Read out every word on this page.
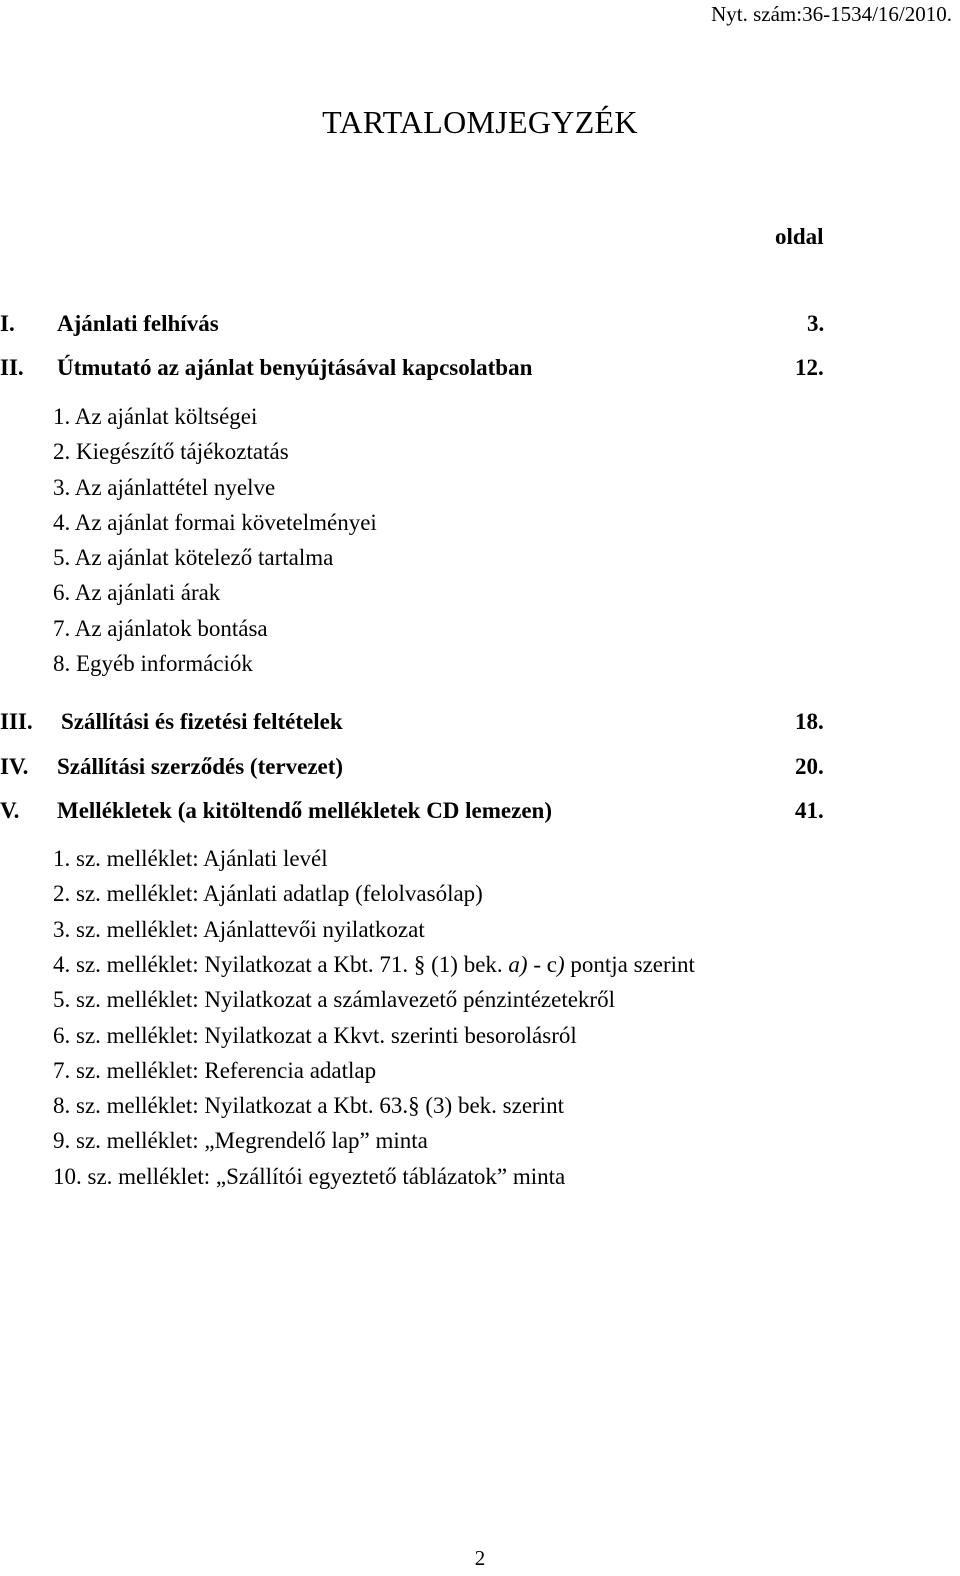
Nyt. szám:36-1534/16/2010.
TARTALOMJEGYZÉK
oldal
I. Ajánlati felhívás	3.
II. Útmutató az ajánlat benyújtásával kapcsolatban	12.
1. Az ajánlat költségei
2. Kiegészítő tájékoztatás
3. Az ajánlattétel nyelve
4. Az ajánlat formai követelményei
5. Az ajánlat kötelező tartalma
6. Az ajánlati árak
7. Az ajánlatok bontása
8. Egyéb információk
III. Szállítási és fizetési feltételek	18.
IV. Szállítási szerződés (tervezet)	20.
V. Mellékletek (a kitöltendő mellékletek CD lemezen)	41.
1. sz. melléklet: Ajánlati levél
2. sz. melléklet: Ajánlati adatlap (felolvasólap)
3. sz. melléklet: Ajánlattevői nyilatkozat
4. sz. melléklet: Nyilatkozat a Kbt. 71. § (1) bek. a) - c) pontja szerint
5. sz. melléklet: Nyilatkozat a számlavezető pénzintézetekről
6. sz. melléklet: Nyilatkozat a Kkvt. szerinti besorolásról
7. sz. melléklet: Referencia adatlap
8. sz. melléklet: Nyilatkozat a Kbt. 63.§ (3) bek. szerint
9. sz. melléklet: „Megrendelő lap” minta
10. sz. melléklet: „Szállítói egyeztető táblázatok” minta
2
